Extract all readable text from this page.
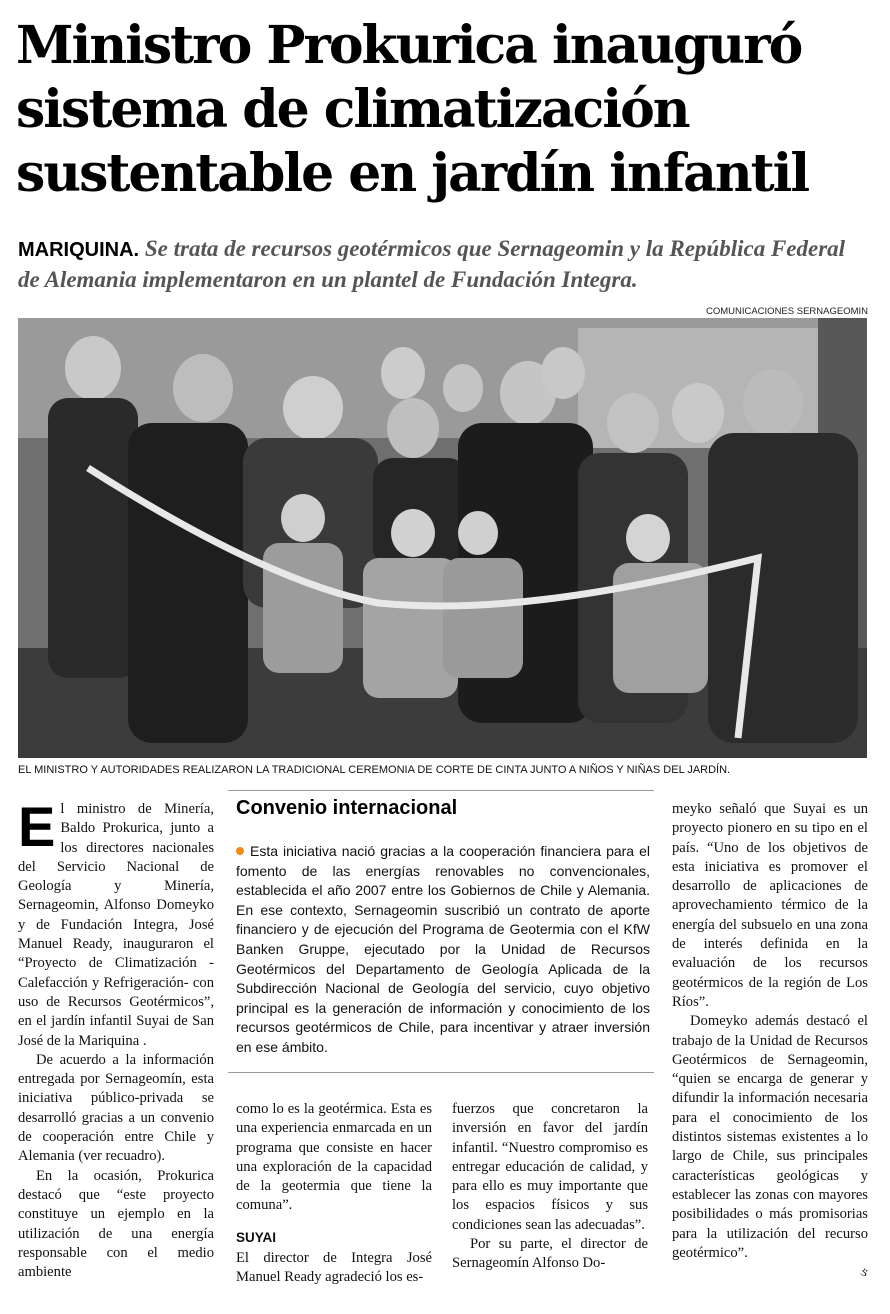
Ministro Prokurica inauguró
sistema de climatización
sustentable en jardín infantil
MARIQUINA. Se trata de recursos geotérmicos que Sernageomin y la República Federal de Alemania implementaron en un plantel de Fundación Integra.
COMUNICACIONES SERNAGEOMIN
EL MINISTRO Y AUTORIDADES REALIZARON LA TRADICIONAL CEREMONIA DE CORTE DE CINTA JUNTO A NIÑOS Y NIÑAS DEL JARDÍN.

El ministro de Minería, Baldo Prokurica, junto a los directores nacionales del Servicio Nacional de Geología y Minería, Sernageomin, Alfonso Domeyko y de Fundación Integra, José Manuel Ready, inauguraron el “Proyecto de Climatización -Calefacción y Refrigeración- con uso de Recursos Geotérmicos”, en el jardín infantil Suyai de San José de la Mariquina .

De acuerdo a la información entregada por Sernageomín, esta iniciativa público-privada se desarrolló gracias a un convenio de cooperación entre Chile y Alemania (ver recuadro).

En la ocasión, Prokurica destacó que “este proyecto constituye un ejemplo en la utilización de una energía responsable con el medio ambiente

Convenio internacional
Esta iniciativa nació gracias a la cooperación financiera para el fomento de las energías renovables no convencionales, establecida el año 2007 entre los Gobiernos de Chile y Alemania. En ese contexto, Sernageomin suscribió un contrato de aporte financiero y de ejecución del Programa de Geotermia con el KfW Banken Gruppe, ejecutado por la Unidad de Recursos Geotérmicos del Departamento de Geología Aplicada de la Subdirección Nacional de Geología del servicio, cuyo objetivo principal es la generación de información y conocimiento de los recursos geotérmicos de Chile, para incentivar y atraer inversión en ese ámbito.

como lo es la geotérmica. Esta es una experiencia enmarcada en un programa que consiste en hacer una exploración de la capacidad de la geotermia que tiene la comuna”.

SUYAI

El director de Integra José Manuel Ready agradeció los es-

fuerzos que concretaron la inversión en favor del jardín infantil. “Nuestro compromiso es entregar educación de calidad, y para ello es muy importante que los espacios físicos y sus condiciones sean las adecuadas”.

Por su parte, el director de Sernageomín Alfonso Do-

meyko señaló que Suyai es un proyecto pionero en su tipo en el país. “Uno de los objetivos de esta iniciativa es promover el desarrollo de aplicaciones de aprovechamiento térmico de la energía del subsuelo en una zona de interés definida en la evaluación de los recursos geotérmicos de la región de Los Ríos”.

Domeyko además destacó el trabajo de la Unidad de Recursos Geotérmicos de Sernageomin, “quien se encarga de generar y difundir la información necesaria para el conocimiento de los distintos sistemas existentes a lo largo de Chile, sus principales características geológicas y establecer las zonas con mayores posibilidades o más promisorias para la utilización del recurso geotérmico”.

ઙ
